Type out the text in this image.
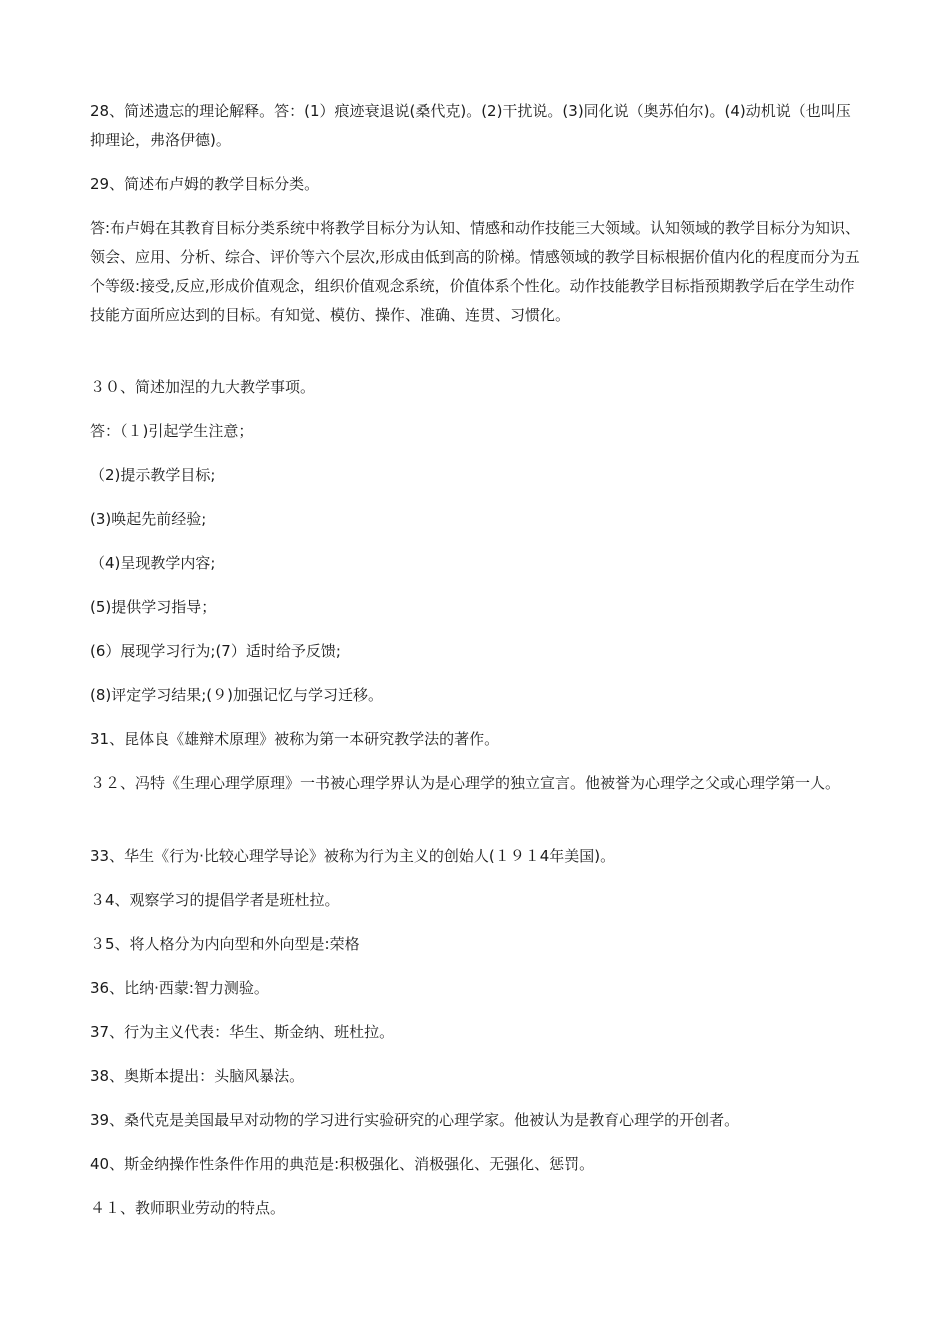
28、简述遗忘的理论解释。答：(1）痕迹衰退说(桑代克)。(2)干扰说。(3)同化说（奥苏伯尔)。(4)动机说（也叫压抑理论，弗洛伊德)。

29、简述布卢姆的教学目标分类。

答:布卢姆在其教育目标分类系统中将教学目标分为认知、情感和动作技能三大领域。认知领域的教学目标分为知识、领会、应用、分析、综合、评价等六个层次,形成由低到高的阶梯。情感领域的教学目标根据价值内化的程度而分为五个等级:接受,反应,形成价值观念，组织价值观念系统，价值体系个性化。动作技能教学目标指预期教学后在学生动作技能方面所应达到的目标。有知觉、模仿、操作、准确、连贯、习惯化。

３０、简述加涅的九大教学事项。

答：（１)引起学生注意；

（2)提示教学目标;

(3)唤起先前经验;

（4)呈现教学内容;

(5)提供学习指导；

(6）展现学习行为;(7）适时给予反馈;

(8)评定学习结果;(９)加强记忆与学习迁移。

31、昆体良《雄辩术原理》被称为第一本研究教学法的著作。

３２、冯特《生理心理学原理》一书被心理学界认为是心理学的独立宣言。他被誉为心理学之父或心理学第一人。

33、华生《行为·比较心理学导论》被称为行为主义的创始人(１９１4年美国)。

３4、观察学习的提倡学者是班杜拉。

３5、将人格分为内向型和外向型是:荣格

36、比纳·西蒙:智力测验。

37、行为主义代表：华生、斯金纳、班杜拉。

38、奥斯本提出：头脑风暴法。

39、桑代克是美国最早对动物的学习进行实验研究的心理学家。他被认为是教育心理学的开创者。

40、斯金纳操作性条件作用的典范是:积极强化、消极强化、无强化、惩罚。

４１、教师职业劳动的特点。
